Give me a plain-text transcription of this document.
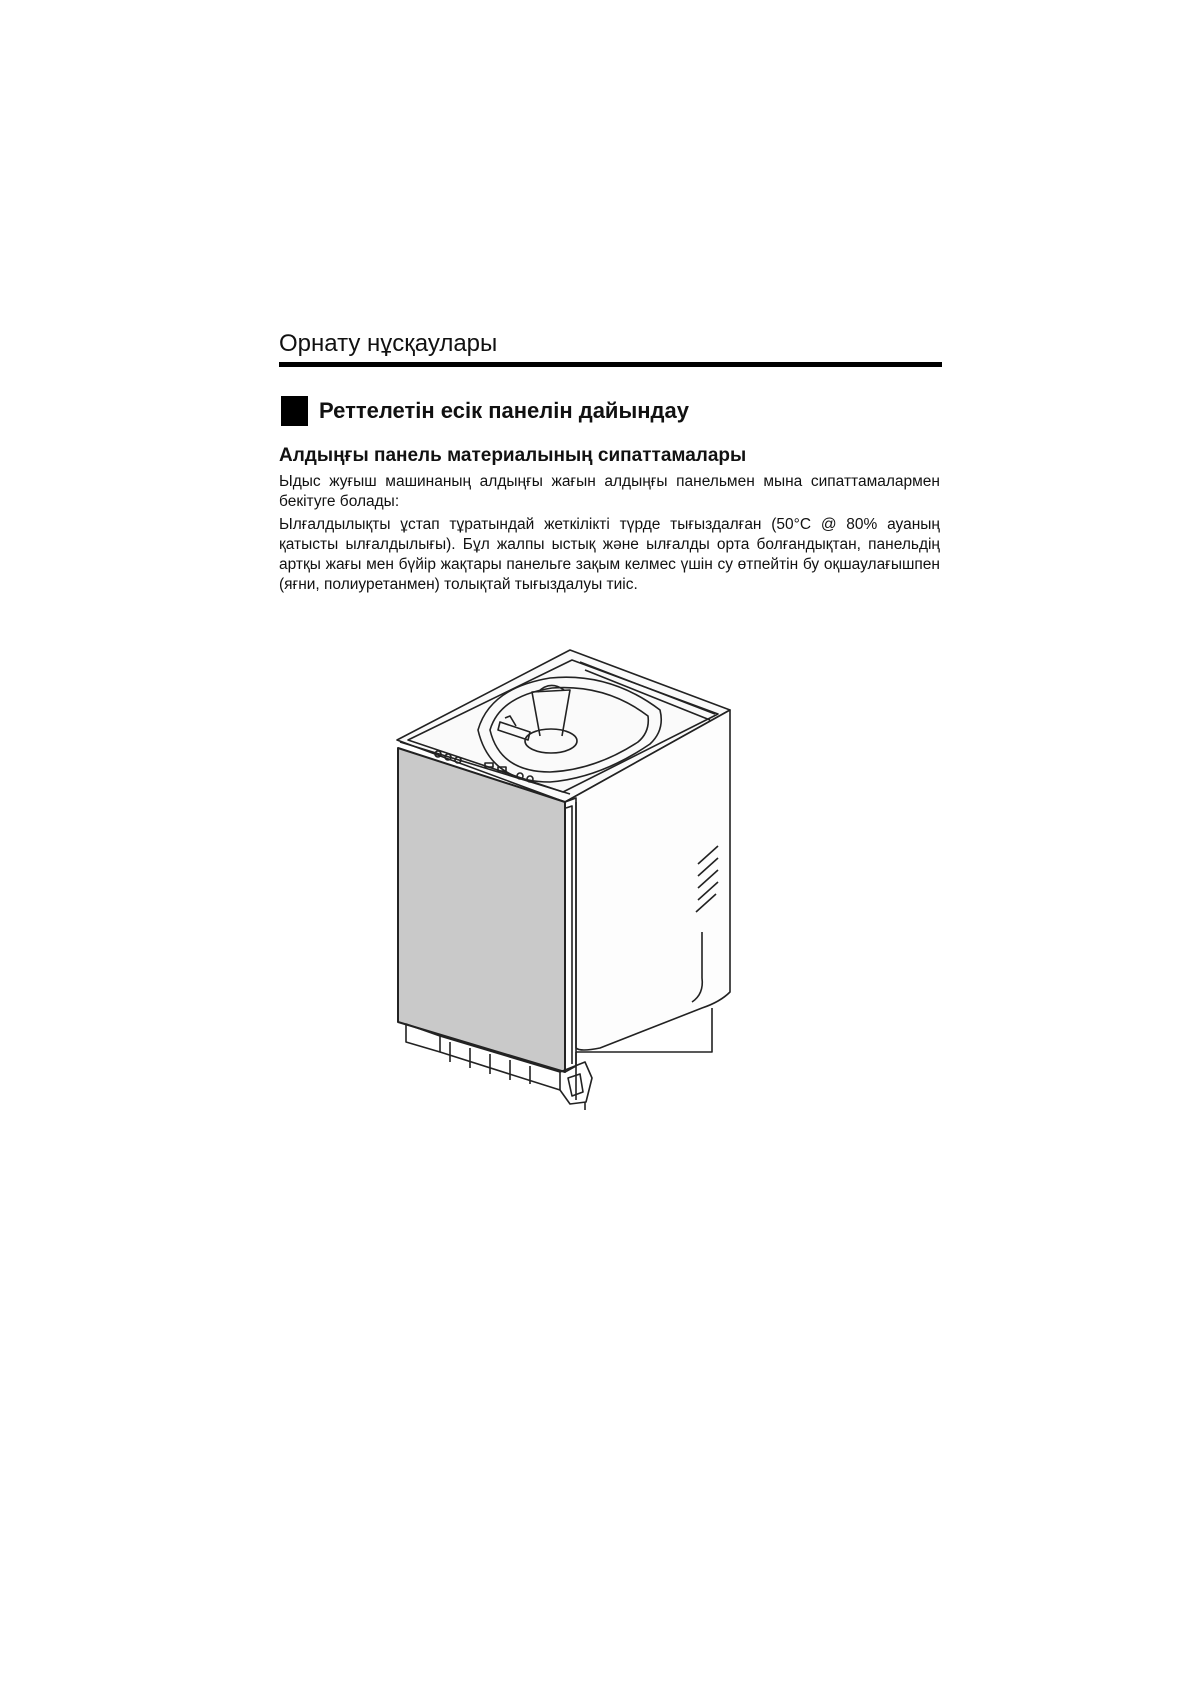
Орнату нұсқаулары
Реттелетін есік панелін дайындау
Алдыңғы панель материалының сипаттамалары

Ыдыс жуғыш машинаның алдыңғы жағын алдыңғы панельмен мына сипаттамалармен бекітуге болады:

Ылғалдылықты ұстап тұратындай жеткілікті түрде тығыздалған (50°C @ 80% ауаның қатысты ылғалдылығы). Бұл жалпы ыстық және ылғалды орта болғандықтан, панельдің артқы жағы мен бүйір жақтары панельге зақым келмес үшін су өтпейтін бу оқшаулағышпен (яғни, полиуретанмен) толықтай тығыздалуы тиіс.
